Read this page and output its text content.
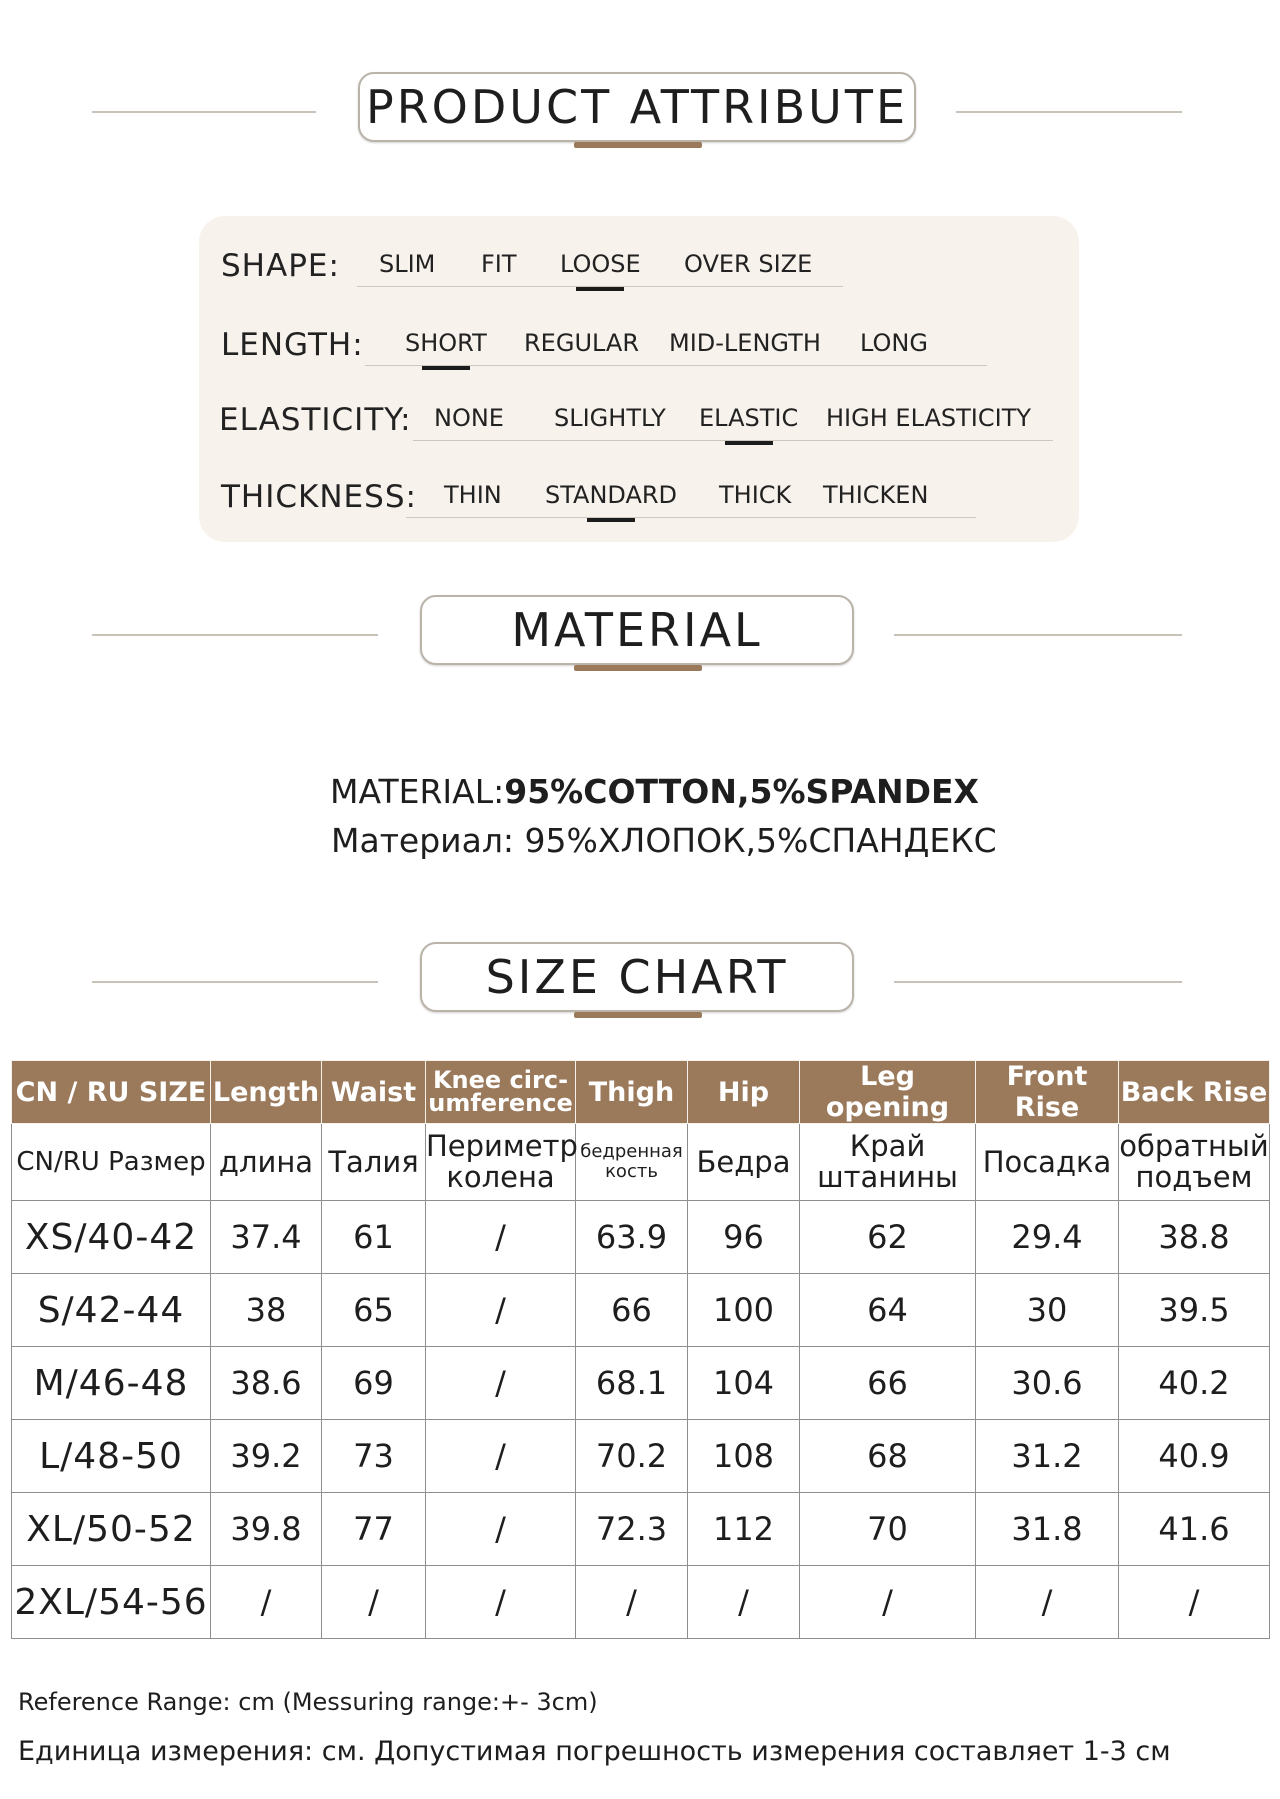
PRODUCT ATTRIBUTE
SHAPE: SLIM FIT LOOSE OVER SIZE
LENGTH: SHORT REGULAR MID-LENGTH LONG
ELASTICITY: NONE SLIGHTLY ELASTIC HIGH ELASTICITY
THICKNESS: THIN STANDARD THICK THICKEN
MATERIAL
MATERIAL:95%COTTON,5%SPANDEX
Материал: 95%ХЛОПОК,5%СПАНДЕКС
SIZE CHART
CN / RU SIZE	Length	Waist	Knee circ-umference	Thigh	Hip	Leg opening	Front Rise	Back Rise
CN/RU Размер	длина	Талия	Периметр колена	бедренная кость	Бедра	Край штанины	Посадка	обратный подъем
XS/40-42	37.4	61	/	63.9	96	62	29.4	38.8
S/42-44	38	65	/	66	100	64	30	39.5
M/46-48	38.6	69	/	68.1	104	66	30.6	40.2
L/48-50	39.2	73	/	70.2	108	68	31.2	40.9
XL/50-52	39.8	77	/	72.3	112	70	31.8	41.6
2XL/54-56	/	/	/	/	/	/	/	/
Reference Range: cm (Messuring range:+- 3cm)
Единица измерения: см. Допустимая погрешность измерения составляет 1-3 см
